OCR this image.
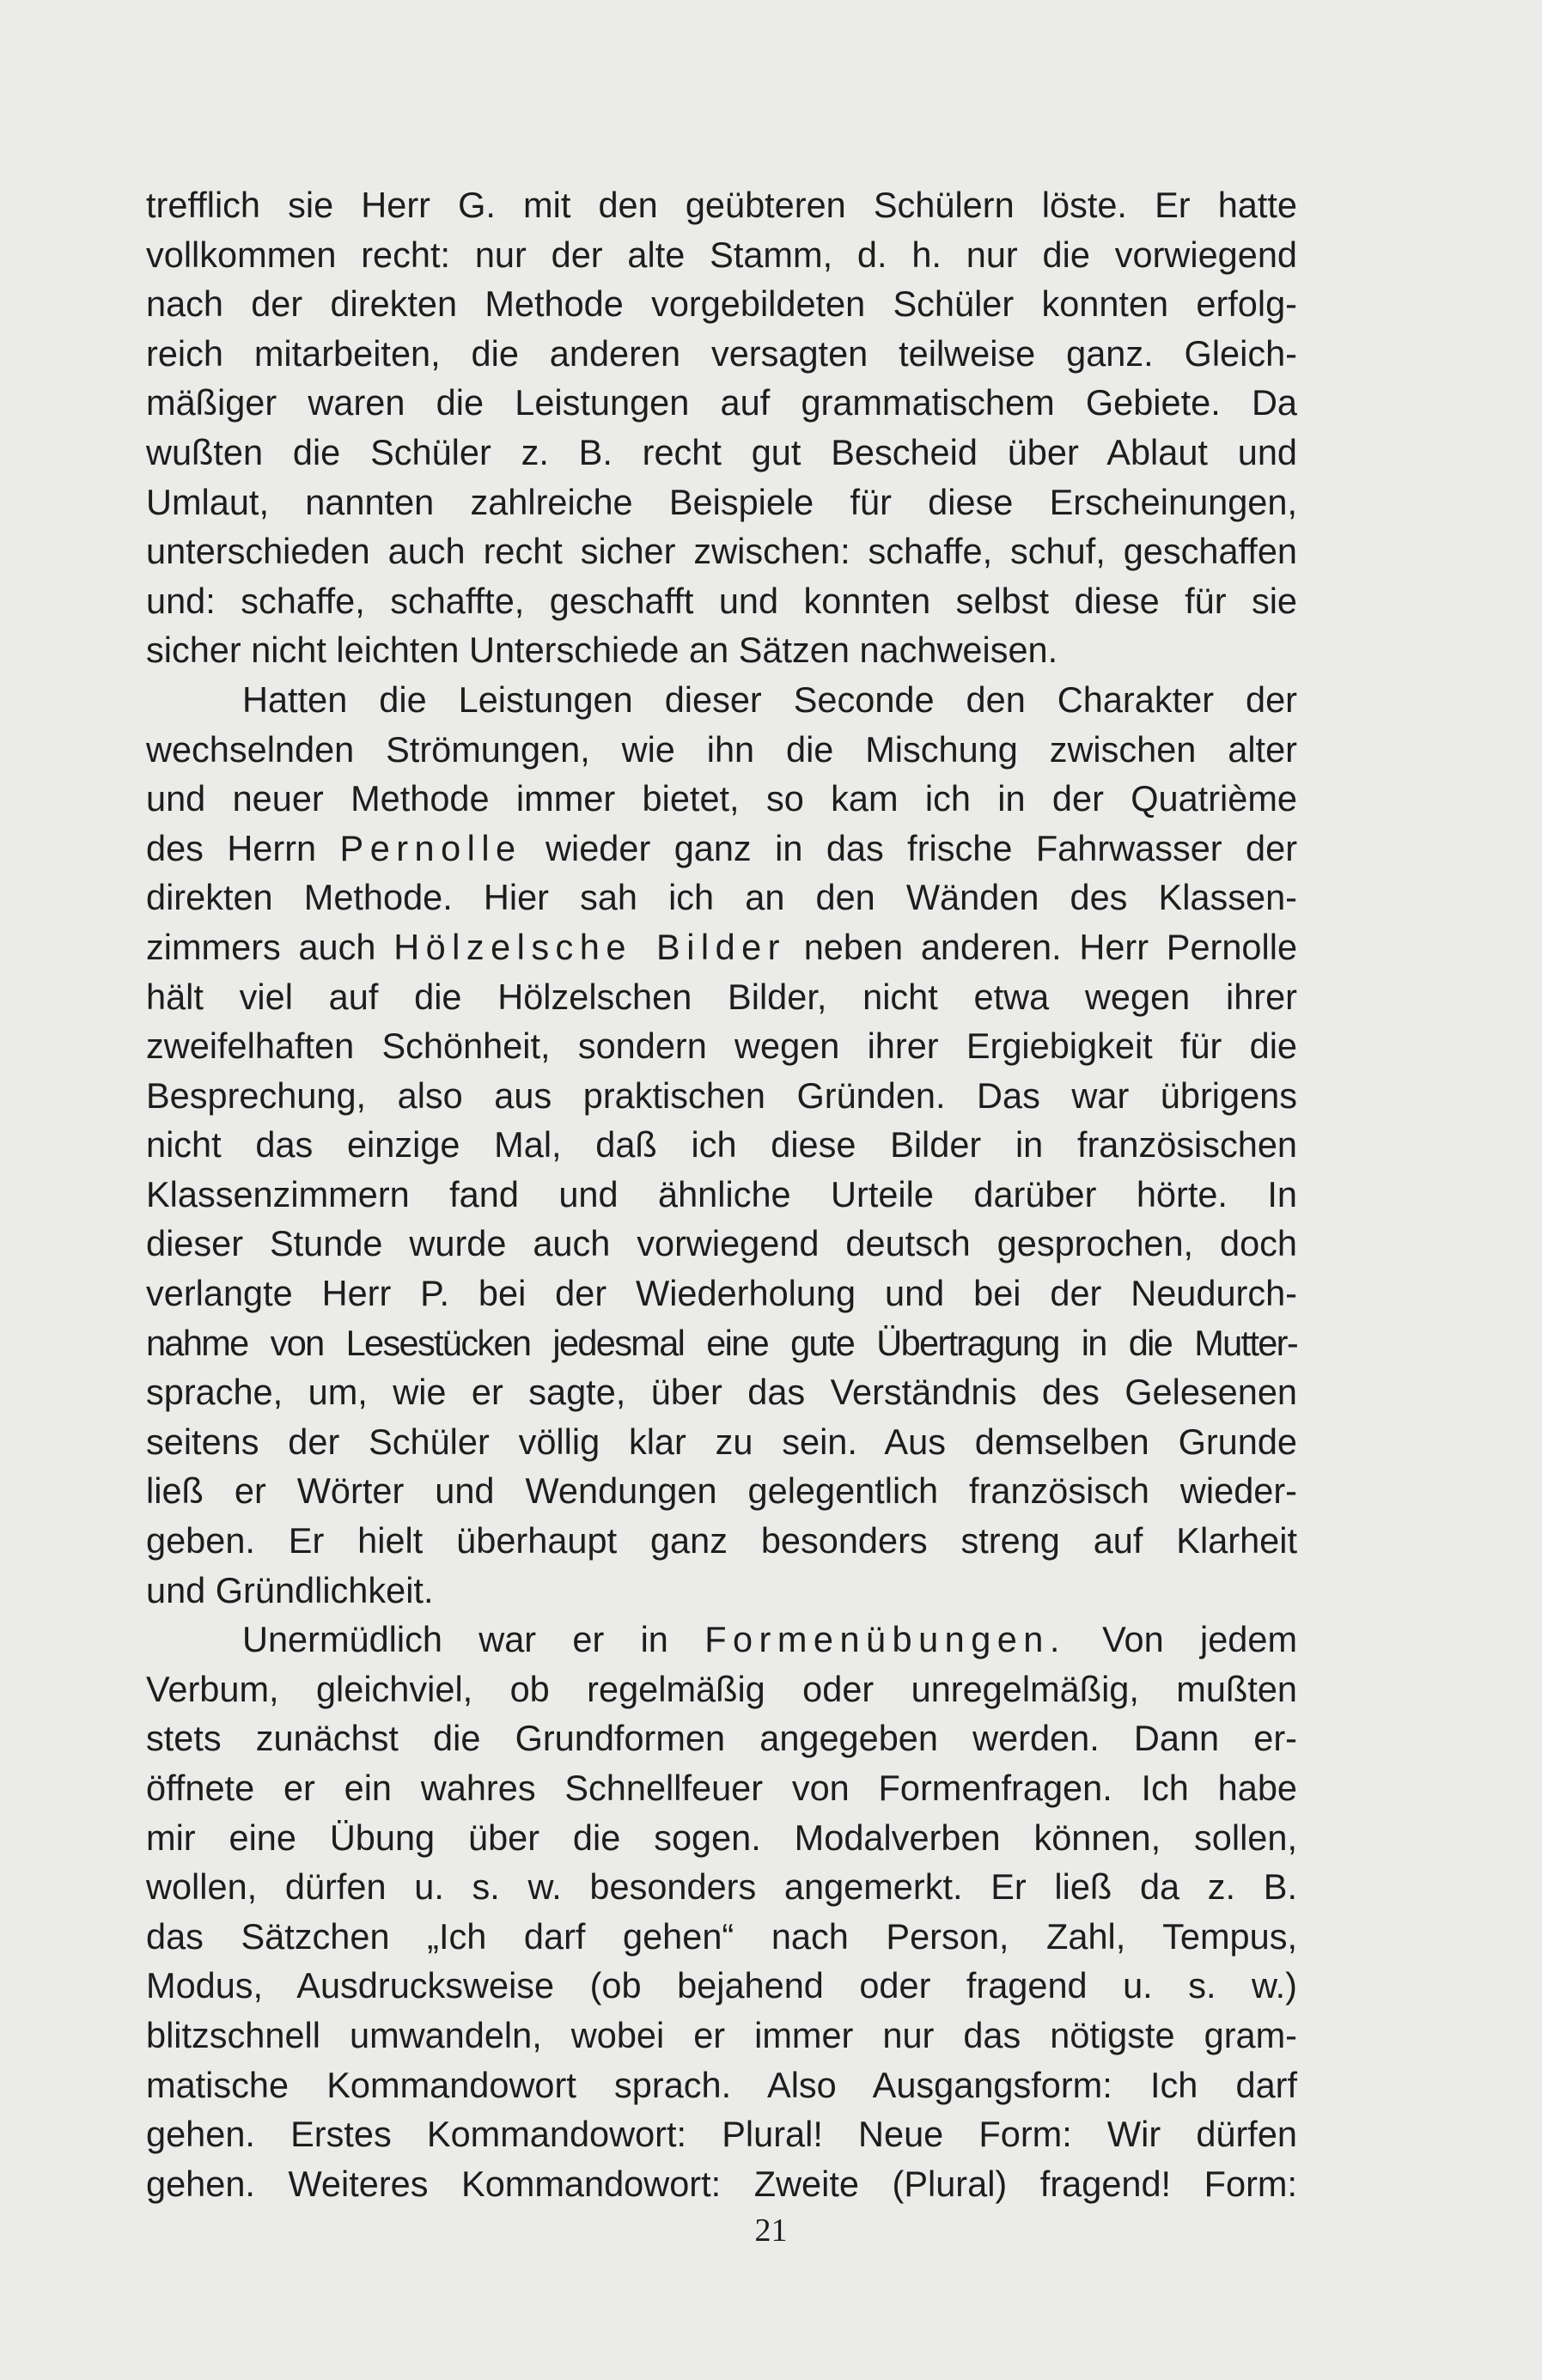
trefflich sie Herr G. mit den geübteren Schülern löste. Er hatte
vollkommen recht: nur der alte Stamm, d. h. nur die vorwiegend
nach der direkten Methode vorgebildeten Schüler konnten erfolg-
reich mitarbeiten, die anderen versagten teilweise ganz. Gleich-
mäßiger waren die Leistungen auf grammatischem Gebiete. Da
wußten die Schüler z. B. recht gut Bescheid über Ablaut und
Umlaut, nannten zahlreiche Beispiele für diese Erscheinungen,
unterschieden auch recht sicher zwischen: schaffe, schuf, geschaffen
und: schaffe, schaffte, geschafft und konnten selbst diese für sie
sicher nicht leichten Unterschiede an Sätzen nachweisen.
Hatten die Leistungen dieser Seconde den Charakter der
wechselnden Strömungen, wie ihn die Mischung zwischen alter
und neuer Methode immer bietet, so kam ich in der Quatrième
des Herrn Pernolle wieder ganz in das frische Fahrwasser der
direkten Methode. Hier sah ich an den Wänden des Klassen-
zimmers auch Hölzelsche Bilder neben anderen. Herr Pernolle
hält viel auf die Hölzelschen Bilder, nicht etwa wegen ihrer
zweifelhaften Schönheit, sondern wegen ihrer Ergiebigkeit für die
Besprechung, also aus praktischen Gründen. Das war übrigens
nicht das einzige Mal, daß ich diese Bilder in französischen
Klassenzimmern fand und ähnliche Urteile darüber hörte. In
dieser Stunde wurde auch vorwiegend deutsch gesprochen, doch
verlangte Herr P. bei der Wiederholung und bei der Neudurch-
nahme von Lesestücken jedesmal eine gute Übertragung in die Mutter-
sprache, um, wie er sagte, über das Verständnis des Gelesenen
seitens der Schüler völlig klar zu sein. Aus demselben Grunde
ließ er Wörter und Wendungen gelegentlich französisch wieder-
geben. Er hielt überhaupt ganz besonders streng auf Klarheit
und Gründlichkeit.
Unermüdlich war er in Formenübungen. Von jedem
Verbum, gleichviel, ob regelmäßig oder unregelmäßig, mußten
stets zunächst die Grundformen angegeben werden. Dann er-
öffnete er ein wahres Schnellfeuer von Formenfragen. Ich habe
mir eine Übung über die sogen. Modalverben können, sollen,
wollen, dürfen u. s. w. besonders angemerkt. Er ließ da z. B.
das Sätzchen „Ich darf gehen“ nach Person, Zahl, Tempus,
Modus, Ausdrucksweise (ob bejahend oder fragend u. s. w.)
blitzschnell umwandeln, wobei er immer nur das nötigste gram-
matische Kommandowort sprach. Also Ausgangsform: Ich darf
gehen. Erstes Kommandowort: Plural! Neue Form: Wir dürfen
gehen. Weiteres Kommandowort: Zweite (Plural) fragend! Form:
21
